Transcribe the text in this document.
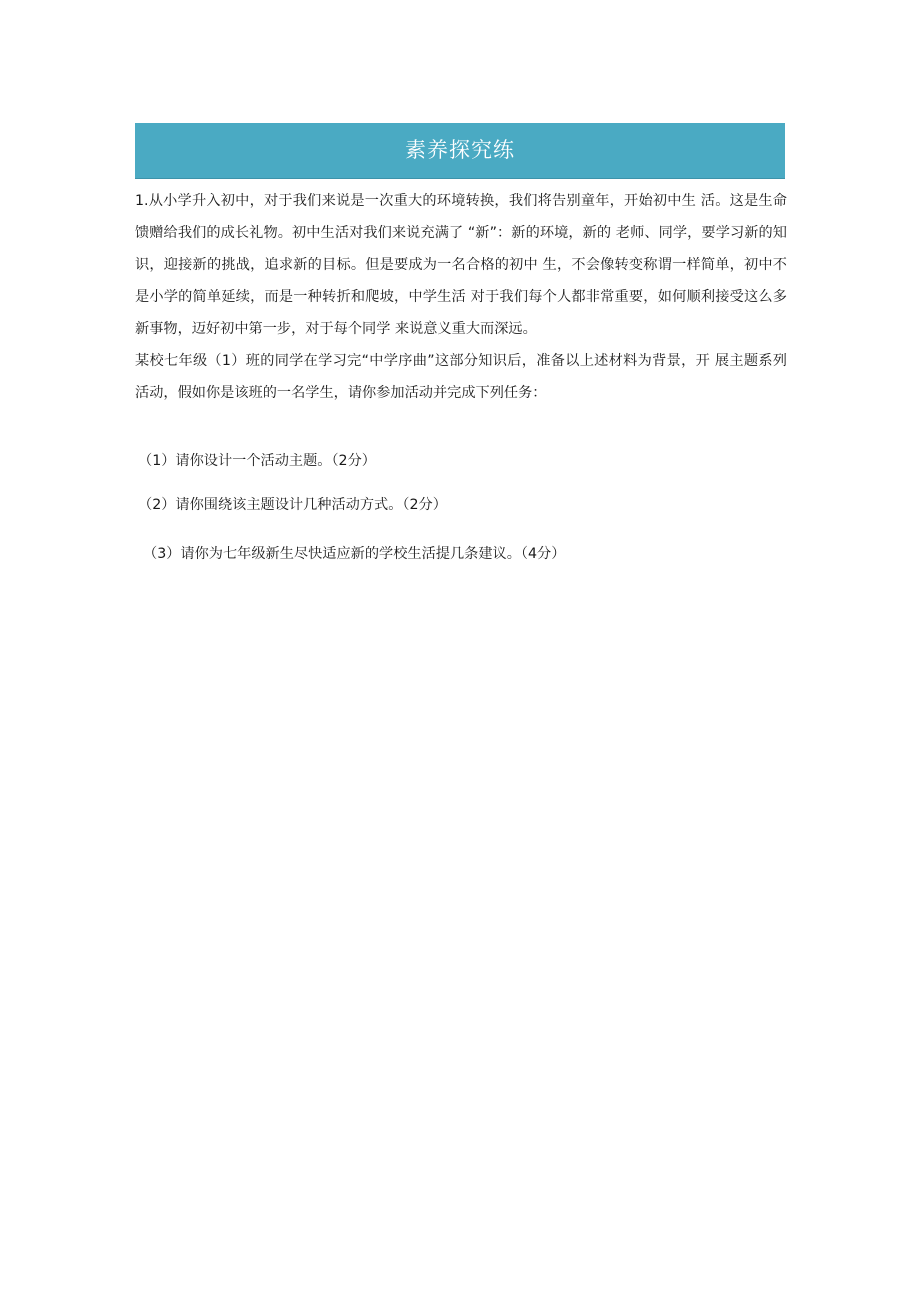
素养探究练

1.从小学升入初中，对于我们来说是一次重大的环境转换，我们将告别童年，开始初中生 活。这是生命馈赠给我们的成长礼物。初中生活对我们来说充满了 “新”：新的环境，新的 老师、同学，要学习新的知识，迎接新的挑战，追求新的目标。但是要成为一名合格的初中 生，不会像转变称谓一样简单，初中不是小学的简单延续，而是一种转折和爬坡，中学生活 对于我们每个人都非常重要，如何顺利接受这么多新事物，迈好初中第一步，对于每个同学 来说意义重大而深远。

某校七年级（1）班的同学在学习完“中学序曲”这部分知识后，准备以上述材料为背景，开 展主题系列活动，假如你是该班的一名学生，请你参加活动并完成下列任务：

（1）请你设计一个活动主题。（2分）
（2）请你围绕该主题设计几种活动方式。（2分）
（3）请你为七年级新生尽快适应新的学校生活提几条建议。（4分）
